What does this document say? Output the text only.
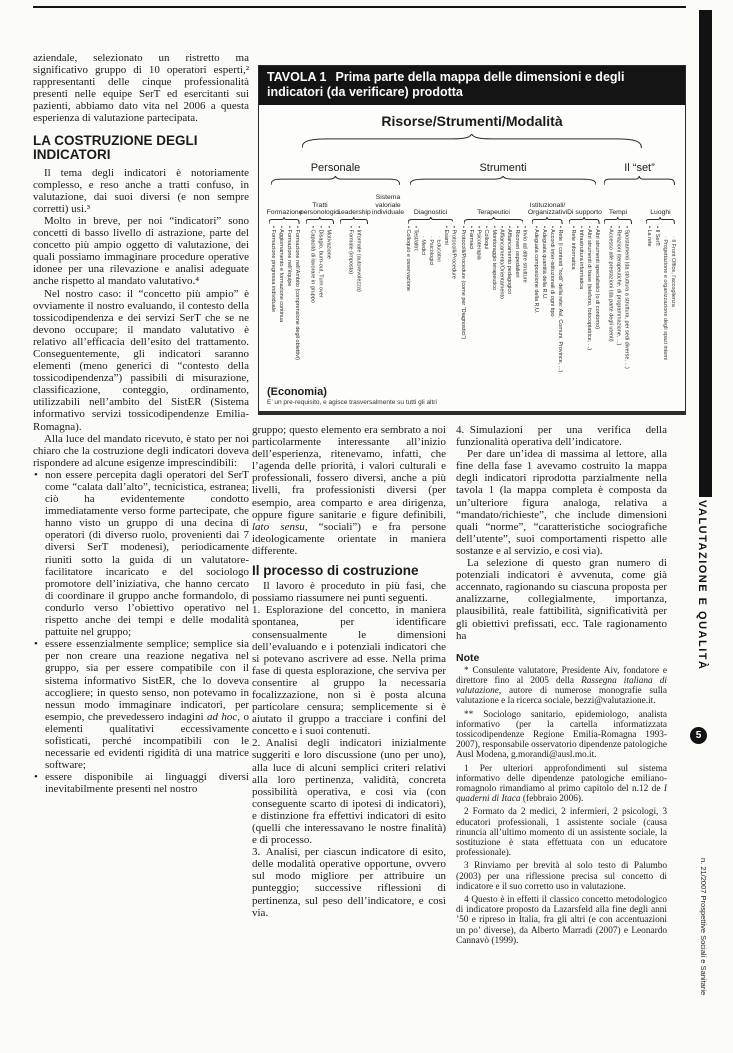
aziendale, selezionato un ristretto ma significativo gruppo di 10 operatori esperti,² rappresentanti delle cinque professionalità presenti nelle equipe SerT ed esercitanti sui pazienti, abbiamo dato vita nel 2006 a questa esperienza di valutazione partecipata.

LA COSTRUZIONE DEGLI INDICATORI

Il tema degli indicatori è notoriamente complesso, e reso anche a tratti confuso, in valutazione, dai suoi diversi (e non sempre corretti) usi.³

Molto in breve, per noi “indicatori” sono concetti di basso livello di astrazione, parte del concetto più ampio oggetto di valutazione, dei quali possiamo immaginare procedure operative idonee per una rilevazione e analisi adeguate anche rispetto al mandato valutativo.⁴

Nel nostro caso: il “concetto più ampio” è ovviamente il nostro evaluando, il contesto della tossicodipendenza e dei servizi SerT che se ne devono occupare; il mandato valutativo è relativo all’efficacia dell’esito del trattamento. Conseguentemente, gli indicatori saranno elementi (meno generici di “contesto della tossicodipendenza”) passibili di misurazione, classificazione, conteggio, ordinamento, utilizzabili nell’ambito del SistER (Sistema informativo servizi tossicodipendenze Emilia-Romagna).

Alla luce del mandato ricevuto, è stato per noi chiaro che la costruzione degli indicatori doveva rispondere ad alcune esigenze imprescindibili:

• non essere percepita dagli operatori del SerT come “calata dall’alto”, tecnicistica, estranea; ciò ha evidentemente condotto immediatamente verso forme partecipate, che hanno visto un gruppo di una decina di operatori (di diverso ruolo, provenienti dai 7 diversi SerT modenesi), periodicamente riuniti sotto la guida di un valutatore-facilitatore incaricato e del sociologo promotore dell’iniziativa, che hanno cercato di coordinare il gruppo anche formandolo, di condurlo verso l’obiettivo operativo nel rispetto anche dei tempi e delle modalità pattuite nel gruppo;

• essere essenzialmente semplice; semplice sia per non creare una reazione negativa nel gruppo, sia per essere compatibile con il sistema informativo SistER, che lo doveva accogliere; in questo senso, non potevamo in nessun modo immaginare indicatori, per esempio, che prevedessero indagini ad hoc, o elementi qualitativi eccessivamente sofisticati, perché incompatibili con le necessarie ed evidenti rigidità di una matrice software;

• essere disponibile ai linguaggi diversi inevitabilmente presenti nel nostro

TAVOLA 1 Prima parte della mappa delle dimensioni e degli indicatori (da verificare) prodotta
Risorse/Strumenti/Modalità
Personale
Formazione
• Formazione pregressa individuale • Aggiornamento e formazione continua • Formazione nell’équipe • Formazione nell’Ambito (comprensione degli obiettivi)
Tratti personologici
• Capacità di lavorare in gruppo • Disagio, burn-out, Turn over • Motivazione
Leadership
• Formale (imposta) • Informale (autorevolezza)
Sistema valoriale individuale
Strumenti
Diagnostici
• Colloquio e osservazione • Test/altri: · Medici · Psicologici · Educativi
• Esami • Protocolli/Procedure
Terapeutici
• Protocolli/Procedure (come per “Diagnostici”) • Farmaci • Psicoterapia • Colloqui • Monitoraggio terapeutico • Affiancamento/Orientamento • Affiancamento pedagogico • Ricoveri ospedalieri • Invio ad altre strutture
Istituzionali/ Organizzativi
• Adeguata composizione della R.U. • Adeguata quantità della R.U. • Accordi inter-istituzionali di ogni tipo • Rete (i contesti “nodi” della rete: Asl, Comuni, Province, ...)
Di supporto
• Rete informatica • Infrastruttura informatica • Altri strumenti di base (telefono, fotocopiatrice, ...) • Altri strumenti specialistici (o di contorno)
Il “set”
Tempi
• Accesso alle prestazioni (da parte degli utenti) • Relazioni (terapeutiche, di programmazione, ...) • Spostamenti (da struttura a struttura, per sedi diverse, ...)
Luoghi
• La rete • Il SerT: · Progettazione e organizzazione degli spazi interni · Il Front Office, l’accoglienza
(Economia)
E’ un pre-requisito, e agisce trasversalmente su tutti gli altri

gruppo; questo elemento era sembrato a noi particolarmente interessante all’inizio dell’esperienza, ritenevamo, infatti, che l’agenda delle priorità, i valori culturali e professionali, fossero diversi, anche a più livelli, fra professionisti diversi (per esempio, area comparto e area dirigenza, oppure figure sanitarie e figure definibili, lato sensu, “sociali”) e fra persone ideologicamente orientate in maniera differente.

Il processo di costruzione

Il lavoro è proceduto in più fasi, che possiamo riassumere nei punti seguenti.

1. Esplorazione del concetto, in maniera spontanea, per identificare consensualmente le dimensioni dell’evaluando e i potenziali indicatori che si potevano ascrivere ad esse. Nella prima fase di questa esplorazione, che serviva per consentire al gruppo la necessaria focalizzazione, non si è posta alcuna particolare censura; semplicemente si è aiutato il gruppo a tracciare i confini del concetto e i suoi contenuti.

2. Analisi degli indicatori inizialmente suggeriti e loro discussione (uno per uno), alla luce di alcuni semplici criteri relativi alla loro pertinenza, validità, concreta possibilità operativa, e così via (con conseguente scarto di ipotesi di indicatori), e distinzione fra effettivi indicatori di esito (quelli che interessavano le nostre finalità) e di processo.

3. Analisi, per ciascun indicatore di esito, delle modalità operative opportune, ovvero sul modo migliore per attribuire un punteggio; successive riflessioni di pertinenza, sul peso dell’indicatore, e così via.

4. Simulazioni per una verifica della funzionalità operativa dell’indicatore.

Per dare un’idea di massima al lettore, alla fine della fase 1 avevamo costruito la mappa degli indicatori riprodotta parzialmente nella tavola 1 (la mappa completa è composta da un’ulteriore figura analoga, relativa a “mandato/richieste”, che include dimensioni quali “norme”, “caratteristiche sociografiche dell’utente”, suoi comportamenti rispetto alle sostanze e al servizio, e così via).

La selezione di questo gran numero di potenziali indicatori è avvenuta, come già accennato, ragionando su ciascuna proposta per analizzarne, collegialmente, importanza, plausibilità, reale fattibilità, significatività per gli obiettivi prefissati, ecc. Tale ragionamento ha

Note

* Consulente valutatore, Presidente Aiv, fondatore e direttore fino al 2005 della Rassegna italiana di valutazione, autore di numerose monografie sulla valutazione e la ricerca sociale, bezzi@valutazione.it.

** Sociologo sanitario, epidemiologo, analista informativo (per la cartella informatizzata tossicodipendenze Regione Emilia-Romagna 1993-2007), responsabile osservatorio dipendenze patologiche Ausl Modena, g.morandi@ausl.mo.it.

1 Per ulteriori approfondimenti sul sistema informativo delle dipendenze patologiche emiliano-romagnolo rimandiamo al primo capitolo del n.12 de I quaderni di Itaca (febbraio 2006).

2 Formato da 2 medici, 2 infermieri, 2 psicologi, 3 educatori professionali, 1 assistente sociale (causa rinuncia all’ultimo momento di un assistente sociale, la sostituzione è stata effettuata con un educatore professionale).

3 Rinviamo per brevità al solo testo di Palumbo (2003) per una riflessione precisa sul concetto di indicatore e il suo corretto uso in valutazione.

4 Questo è in effetti il classico concetto metodologico di indicatore proposto da Lazarsfeld alla fine degli anni ’50 e ripreso in Italia, fra gli altri (e con accentuazioni un po’ diverse), da Alberto Marradi (2007) e Leonardo Cannavò (1999).

VALUTAZIONE E QUALITÀ
5
n. 21/2007 Prospettive Sociali e Sanitarie
